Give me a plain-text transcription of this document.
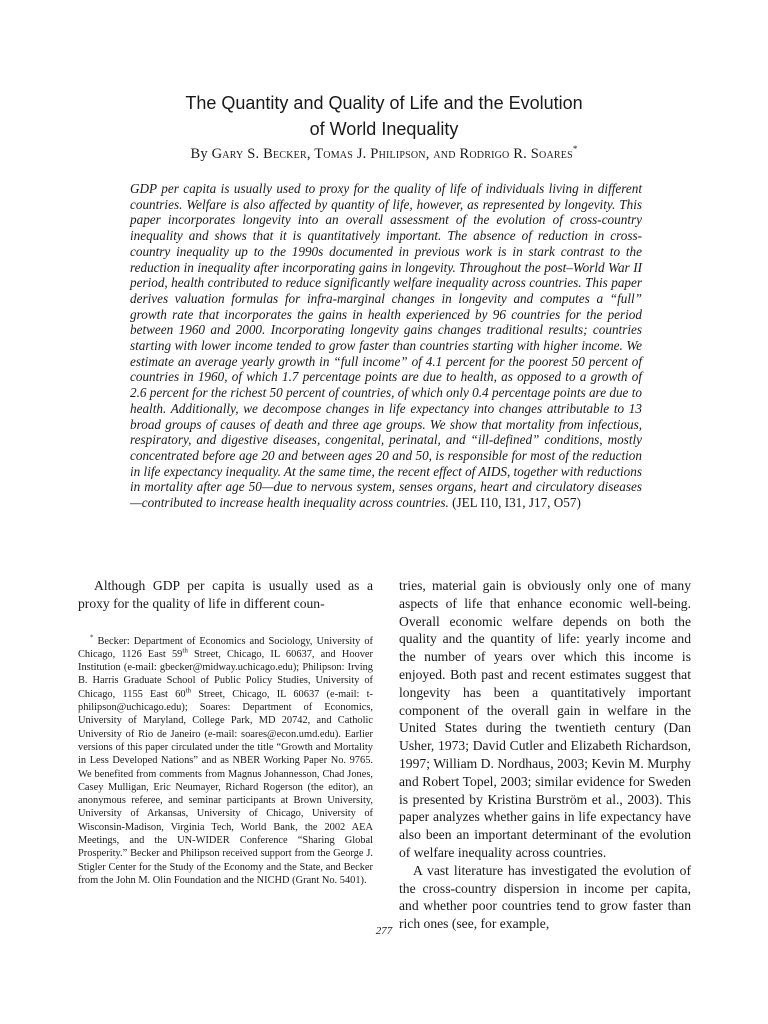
The Quantity and Quality of Life and the Evolution
of World Inequality
By Gary S. Becker, Tomas J. Philipson, and Rodrigo R. Soares*

GDP per capita is usually used to proxy for the quality of life of individuals living in different countries. Welfare is also affected by quantity of life, however, as represented by longevity. This paper incorporates longevity into an overall assessment of the evolution of cross-country inequality and shows that it is quantitatively important. The absence of reduction in cross-country inequality up to the 1990s documented in previous work is in stark contrast to the reduction in inequality after incorporating gains in longevity. Throughout the post–World War II period, health contributed to reduce significantly welfare inequality across countries. This paper derives valuation formulas for infra-marginal changes in longevity and computes a “full” growth rate that incorporates the gains in health experienced by 96 countries for the period between 1960 and 2000. Incorporating longevity gains changes traditional results; countries starting with lower income tended to grow faster than countries starting with higher income. We estimate an average yearly growth in “full income” of 4.1 percent for the poorest 50 percent of countries in 1960, of which 1.7 percentage points are due to health, as opposed to a growth of 2.6 percent for the richest 50 percent of countries, of which only 0.4 percentage points are due to health. Additionally, we decompose changes in life expectancy into changes attributable to 13 broad groups of causes of death and three age groups. We show that mortality from infectious, respiratory, and digestive diseases, congenital, perinatal, and “ill-defined” conditions, mostly concentrated before age 20 and between ages 20 and 50, is responsible for most of the reduction in life expectancy inequality. At the same time, the recent effect of AIDS, together with reductions in mortality after age 50—due to nervous system, senses organs, heart and circulatory diseases—contributed to increase health inequality across countries. (JEL I10, I31, J17, O57)

Although GDP per capita is usually used as a proxy for the quality of life in different coun-

* Becker: Department of Economics and Sociology, University of Chicago, 1126 East 59th Street, Chicago, IL 60637, and Hoover Institution (e-mail: gbecker@midway.uchicago.edu); Philipson: Irving B. Harris Graduate School of Public Policy Studies, University of Chicago, 1155 East 60th Street, Chicago, IL 60637 (e-mail: t-philipson@uchicago.edu); Soares: Department of Economics, University of Maryland, College Park, MD 20742, and Catholic University of Rio de Janeiro (e-mail: soares@econ.umd.edu). Earlier versions of this paper circulated under the title “Growth and Mortality in Less Developed Nations” and as NBER Working Paper No. 9765. We benefited from comments from Magnus Johannesson, Chad Jones, Casey Mulligan, Eric Neumayer, Richard Rogerson (the editor), an anonymous referee, and seminar participants at Brown University, University of Arkansas, University of Chicago, University of Wisconsin-Madison, Virginia Tech, World Bank, the 2002 AEA Meetings, and the UN-WIDER Conference “Sharing Global Prosperity.” Becker and Philipson received support from the George J. Stigler Center for the Study of the Economy and the State, and Becker from the John M. Olin Foundation and the NICHD (Grant No. 5401).

tries, material gain is obviously only one of many aspects of life that enhance economic well-being. Overall economic welfare depends on both the quality and the quantity of life: yearly income and the number of years over which this income is enjoyed. Both past and recent estimates suggest that longevity has been a quantitatively important component of the overall gain in welfare in the United States during the twentieth century (Dan Usher, 1973; David Cutler and Elizabeth Richardson, 1997; William D. Nordhaus, 2003; Kevin M. Murphy and Robert Topel, 2003; similar evidence for Sweden is presented by Kristina Burström et al., 2003). This paper analyzes whether gains in life expectancy have also been an important determinant of the evolution of welfare inequality across countries.

A vast literature has investigated the evolution of the cross-country dispersion in income per capita, and whether poor countries tend to grow faster than rich ones (see, for example,

277
